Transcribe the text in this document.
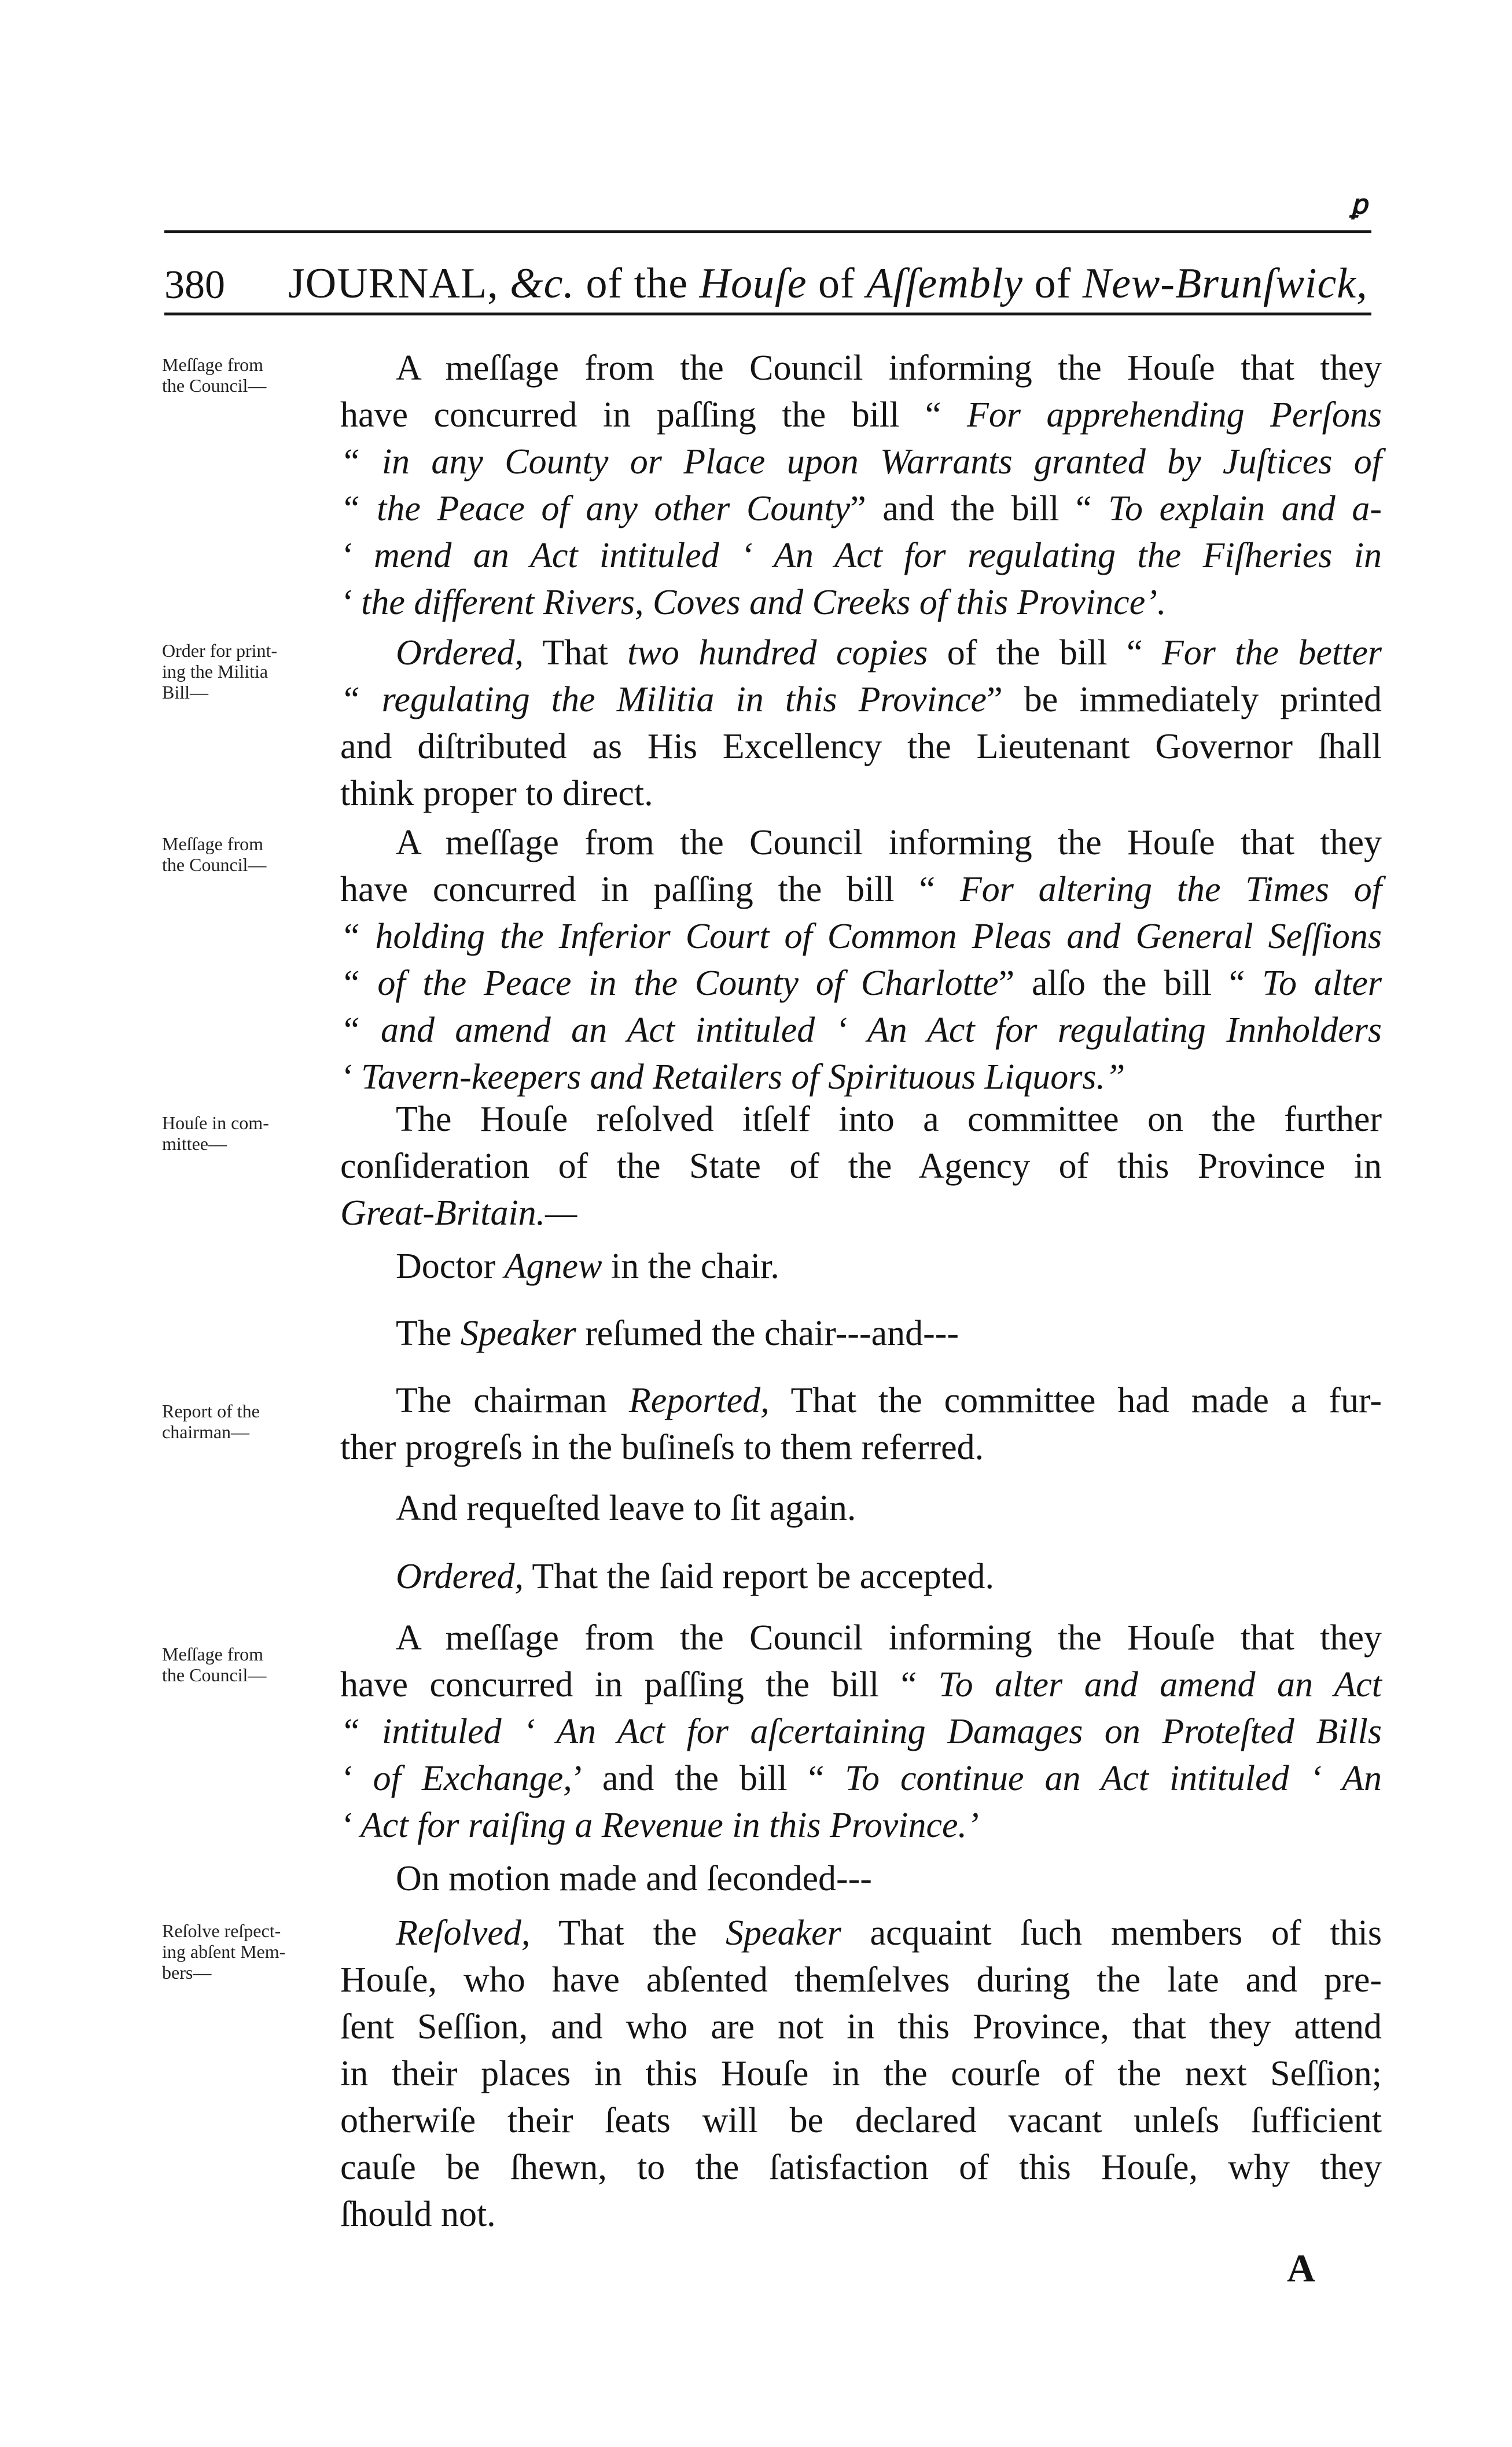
ꝑ
380	JOURNAL, &c. of the Houſe of Aſſembly of New-Brunſwick,
Meſſage from
the Council—
Order for print-
ing the Militia
Bill—
Meſſage from
the Council—
Houſe in com-
mittee—
Report of the
chairman—
Meſſage from
the Council—
Reſolve reſpect-
ing abſent Mem-
bers—
A meſſage from the Council informing the Houſe that they
have concurred in paſſing the bill “ For apprehending Perſons
“ in any County or Place upon Warrants granted by Juſtices of
“ the Peace of any other County” and the bill “ To explain and a-
‘ mend an Act intituled ‘ An Act for regulating the Fiſheries in
‘ the different Rivers, Coves and Creeks of this Province’.
Ordered, That two hundred copies of the bill “ For the better
“ regulating the Militia in this Province” be immediately printed
and diſtributed as His Excellency the Lieutenant Governor ſhall
think proper to direct.
A meſſage from the Council informing the Houſe that they
have concurred in paſſing the bill “ For altering the Times of
“ holding the Inferior Court of Common Pleas and General Seſſions
“ of the Peace in the County of Charlotte” alſo the bill “ To alter
“ and amend an Act intituled ‘ An Act for regulating Innholders
‘ Tavern-keepers and Retailers of Spirituous Liquors.”
The Houſe reſolved itſelf into a committee on the further
conſideration of the State of the Agency of this Province in
Great-Britain.—
Doctor Agnew in the chair.
The Speaker reſumed the chair---and---
The chairman Reported, That the committee had made a fur-
ther progreſs in the buſineſs to them referred.
And requeſted leave to ſit again.
Ordered, That the ſaid report be accepted.
A meſſage from the Council informing the Houſe that they
have concurred in paſſing the bill “ To alter and amend an Act
“ intituled ‘ An Act for aſcertaining Damages on Proteſted Bills
‘ of Exchange,’ and the bill “ To continue an Act intituled ‘ An
‘ Act for raiſing a Revenue in this Province.’
On motion made and ſeconded---
Reſolved, That the Speaker acquaint ſuch members of this
Houſe, who have abſented themſelves during the late and pre-
ſent Seſſion, and who are not in this Province, that they attend
in their places in this Houſe in the courſe of the next Seſſion;
otherwiſe their ſeats will be declared vacant unleſs ſufficient
cauſe be ſhewn, to the ſatisfaction of this Houſe, why they
ſhould not.
A
